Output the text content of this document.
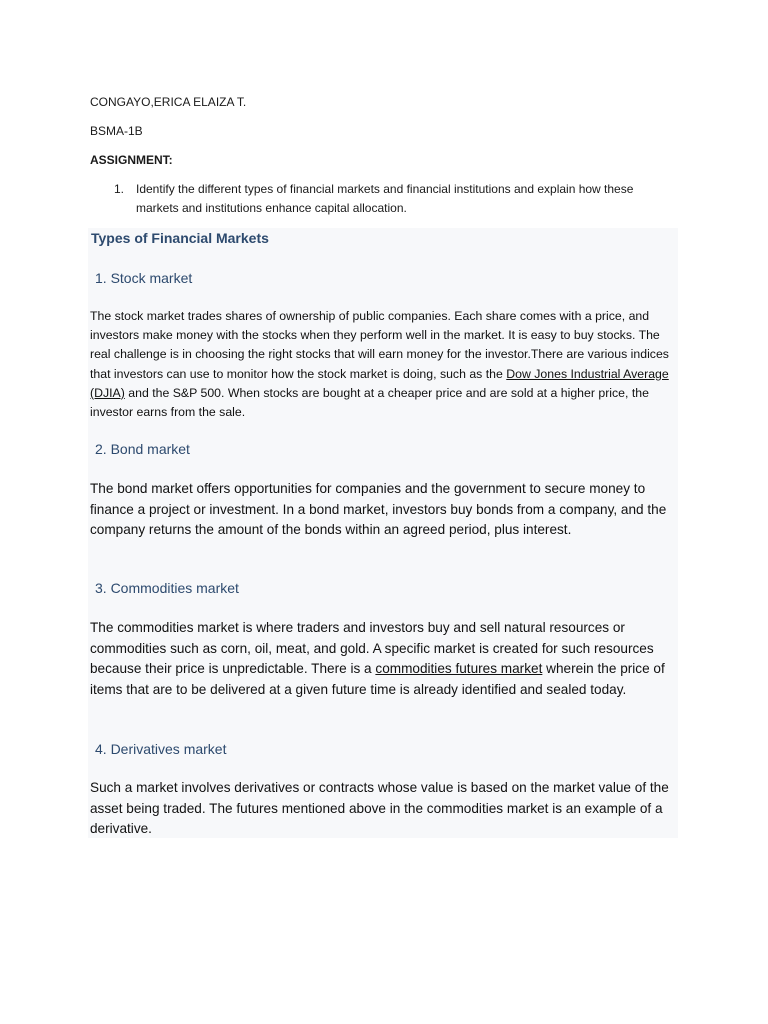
CONGAYO,ERICA ELAIZA T.
BSMA-1B
ASSIGNMENT:
1. Identify the different types of financial markets and financial institutions and explain how these markets and institutions enhance capital allocation.
Types of Financial Markets
1. Stock market
The stock market trades shares of ownership of public companies. Each share comes with a price, and investors make money with the stocks when they perform well in the market. It is easy to buy stocks. The real challenge is in choosing the right stocks that will earn money for the investor.There are various indices that investors can use to monitor how the stock market is doing, such as the Dow Jones Industrial Average (DJIA) and the S&P 500. When stocks are bought at a cheaper price and are sold at a higher price, the investor earns from the sale.
2. Bond market
The bond market offers opportunities for companies and the government to secure money to finance a project or investment. In a bond market, investors buy bonds from a company, and the company returns the amount of the bonds within an agreed period, plus interest.
3. Commodities market
The commodities market is where traders and investors buy and sell natural resources or commodities such as corn, oil, meat, and gold. A specific market is created for such resources because their price is unpredictable. There is a commodities futures market wherein the price of items that are to be delivered at a given future time is already identified and sealed today.
4. Derivatives market
Such a market involves derivatives or contracts whose value is based on the market value of the asset being traded. The futures mentioned above in the commodities market is an example of a derivative.
